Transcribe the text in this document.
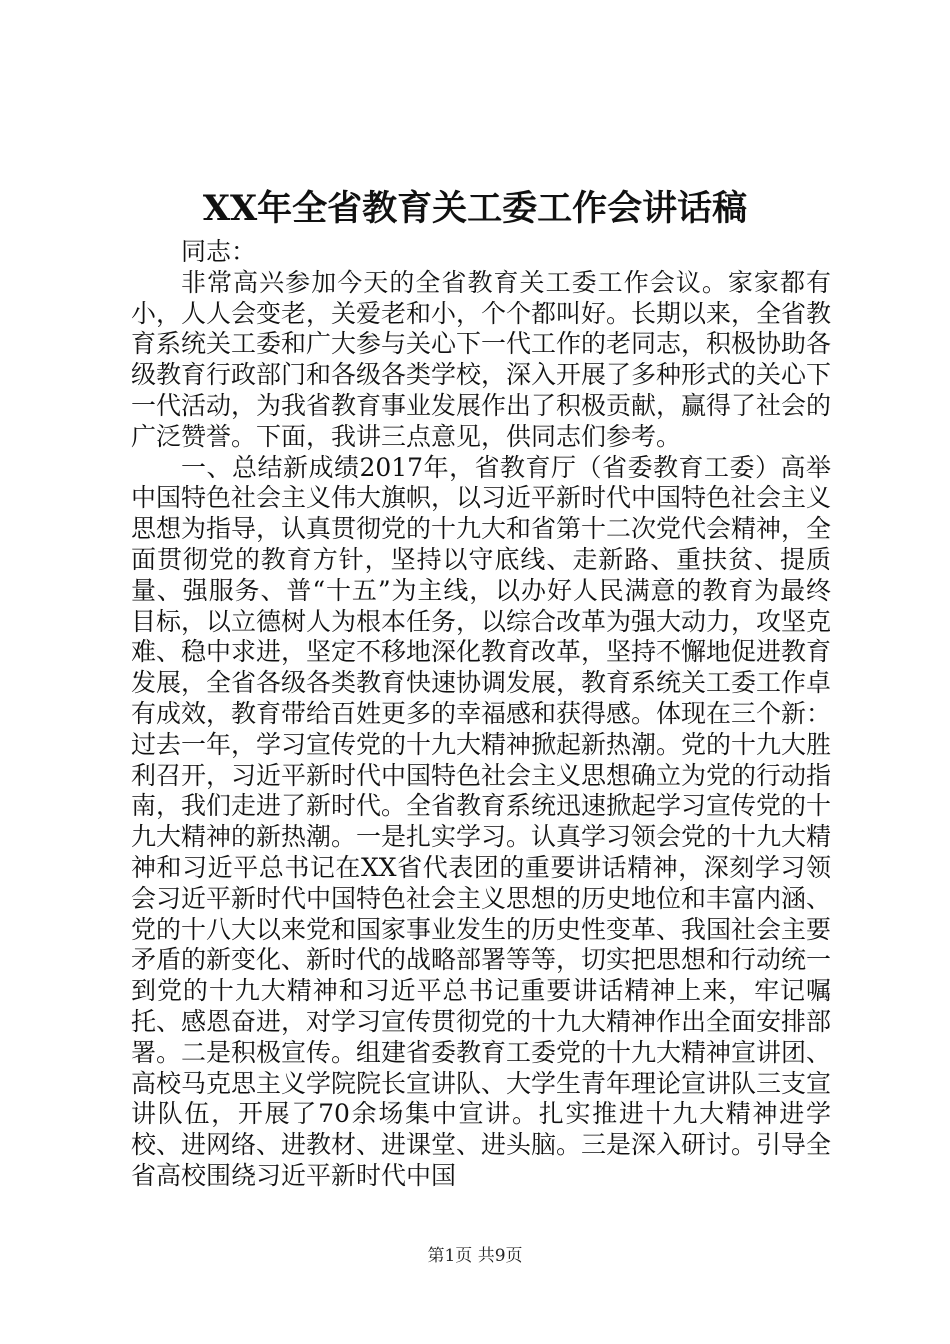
XX年全省教育关工委工作会讲话稿

同志：

非常高兴参加今天的全省教育关工委工作会议。家家都有小，人人会变老，关爱老和小，个个都叫好。长期以来，全省教育系统关工委和广大参与关心下一代工作的老同志，积极协助各级教育行政部门和各级各类学校，深入开展了多种形式的关心下一代活动，为我省教育事业发展作出了积极贡献，赢得了社会的广泛赞誉。下面，我讲三点意见，供同志们参考。

一、总结新成绩2017年，省教育厅（省委教育工委）高举中国特色社会主义伟大旗帜，以习近平新时代中国特色社会主义思想为指导，认真贯彻党的十九大和省第十二次党代会精神，全面贯彻党的教育方针，坚持以守底线、走新路、重扶贫、提质量、强服务、普“十五”为主线，以办好人民满意的教育为最终目标，以立德树人为根本任务，以综合改革为强大动力，攻坚克难、稳中求进，坚定不移地深化教育改革，坚持不懈地促进教育发展，全省各级各类教育快速协调发展，教育系统关工委工作卓有成效，教育带给百姓更多的幸福感和获得感。体现在三个新：过去一年，学习宣传党的十九大精神掀起新热潮。党的十九大胜利召开，习近平新时代中国特色社会主义思想确立为党的行动指南，我们走进了新时代。全省教育系统迅速掀起学习宣传党的十九大精神的新热潮。一是扎实学习。认真学习领会党的十九大精神和习近平总书记在XX省代表团的重要讲话精神，深刻学习领会习近平新时代中国特色社会主义思想的历史地位和丰富内涵、党的十八大以来党和国家事业发生的历史性变革、我国社会主要矛盾的新变化、新时代的战略部署等等，切实把思想和行动统一到党的十九大精神和习近平总书记重要讲话精神上来，牢记嘱托、感恩奋进，对学习宣传贯彻党的十九大精神作出全面安排部署。二是积极宣传。组建省委教育工委党的十九大精神宣讲团、高校马克思主义学院院长宣讲队、大学生青年理论宣讲队三支宣讲队伍，开展了70余场集中宣讲。扎实推进十九大精神进学校、进网络、进教材、进课堂、进头脑。三是深入研讨。引导全省高校围绕习近平新时代中国

第1页 共9页
